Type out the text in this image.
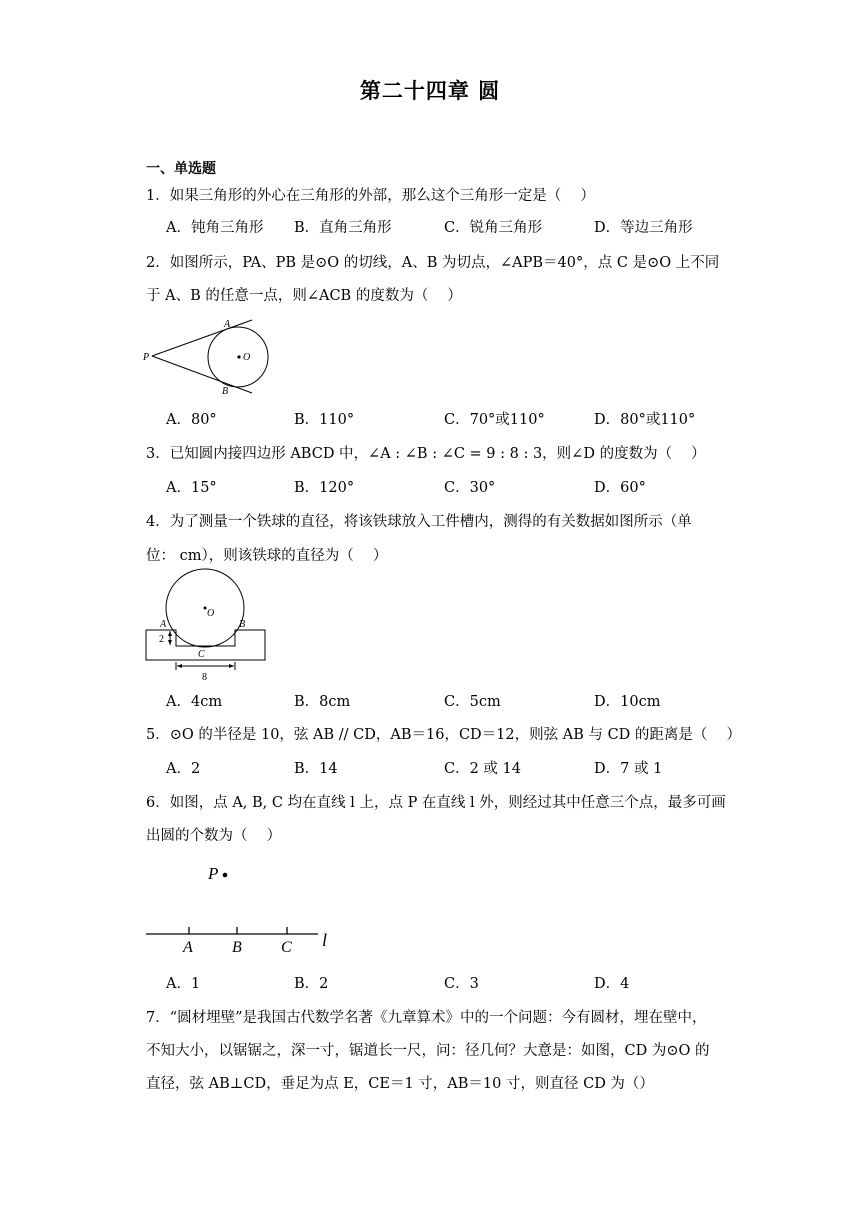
第二十四章 圆
一、单选题
1．如果三角形的外心在三角形的外部，那么这个三角形一定是（　 ）
A．钝角三角形 B．直角三角形	C．锐角三角形	D．等边三角形
2．如图所示，PA、PB 是⊙O 的切线，A、B 为切点，∠APB＝40°，点 C 是⊙O 上不同
于 A、B 的任意一点，则∠ACB 的度数为（　 ）
P
A
B
O
A．80°	B．110°	C．70°或110°	D．80°或110°
3．已知圆内接四边形 ABCD 中，∠A : ∠B : ∠C = 9 : 8 : 3，则∠D 的度数为（　 ）
A．15°	B．120°	C．30°	D．60°
4．为了测量一个铁球的直径，将该铁球放入工件槽内，测得的有关数据如图所示（单
位： cm），则该铁球的直径为（　 ）
O
A	B
C
2
8
A．4cm	B．8cm	C．5cm	D．10cm
5．⊙O 的半径是 10，弦 AB // CD，AB＝16，CD＝12，则弦 AB 与 CD 的距离是（　 ）
A．2	B．14	C．2 或 14	D．7 或 1
6．如图，点 A, B, C 均在直线 l 上，点 P 在直线 l 外，则经过其中任意三个点，最多可画
出圆的个数为（　 ）
P
A B C l
A．1	B．2	C．3	D．4
7．“圆材埋壁”是我国古代数学名著《九章算术》中的一个问题：今有圆材，埋在壁中，
不知大小，以锯锯之，深一寸，锯道长一尺，问：径几何？大意是：如图，CD 为⊙O 的
直径，弦 AB⊥CD，垂足为点 E，CE＝1 寸，AB＝10 寸，则直径 CD 为（）
